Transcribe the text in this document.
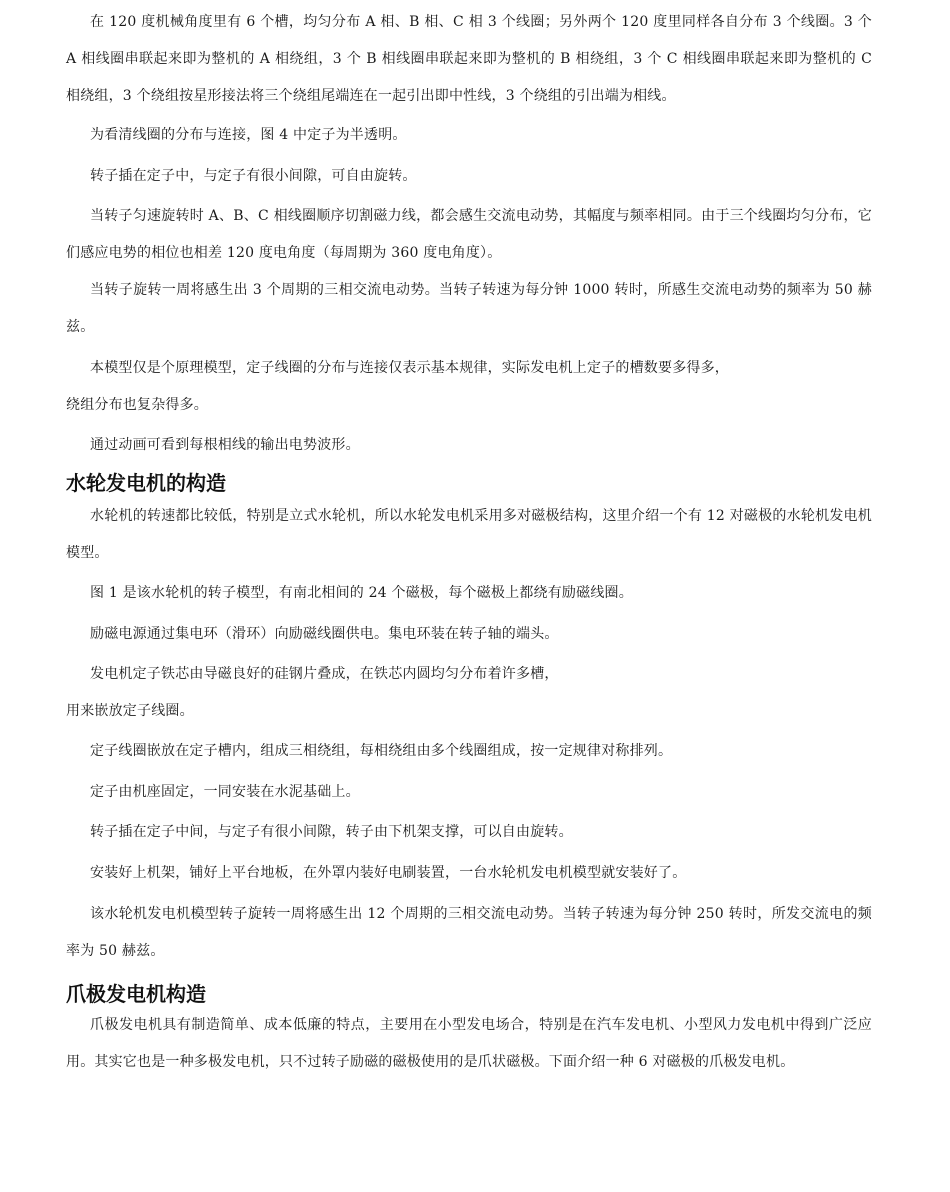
在 120 度机械角度里有 6 个槽，均匀分布 A 相、B 相、C 相 3 个线圈；另外两个 120 度里同样各自分布 3 个线圈。3 个 A 相线圈串联起来即为整机的 A 相绕组，3 个 B 相线圈串联起来即为整机的 B 相绕组，3 个 C 相线圈串联起来即为整机的 C 相绕组，3 个绕组按星形接法将三个绕组尾端连在一起引出即中性线，3 个绕组的引出端为相线。

为看清线圈的分布与连接，图 4 中定子为半透明。

转子插在定子中，与定子有很小间隙，可自由旋转。

当转子匀速旋转时 A、B、C 相线圈顺序切割磁力线，都会感生交流电动势，其幅度与频率相同。由于三个线圈均匀分布，它们感应电势的相位也相差 120 度电角度（每周期为 360 度电角度）。

当转子旋转一周将感生出 3 个周期的三相交流电动势。当转子转速为每分钟 1000 转时，所感生交流电动势的频率为 50 赫兹。

本模型仅是个原理模型，定子线圈的分布与连接仅表示基本规律，实际发电机上定子的槽数要多得多，

绕组分布也复杂得多。

通过动画可看到每根相线的输出电势波形。

水轮发电机的构造

水轮机的转速都比较低，特别是立式水轮机，所以水轮发电机采用多对磁极结构，这里介绍一个有 12 对磁极的水轮机发电机模型。

图 1 是该水轮机的转子模型，有南北相间的 24 个磁极，每个磁极上都绕有励磁线圈。

励磁电源通过集电环（滑环）向励磁线圈供电。集电环装在转子轴的端头。

发电机定子铁芯由导磁良好的硅钢片叠成，在铁芯内圆均匀分布着许多槽，

用来嵌放定子线圈。

定子线圈嵌放在定子槽内，组成三相绕组，每相绕组由多个线圈组成，按一定规律对称排列。

定子由机座固定，一同安装在水泥基础上。

转子插在定子中间，与定子有很小间隙，转子由下机架支撑，可以自由旋转。

安装好上机架，铺好上平台地板，在外罩内装好电刷装置，一台水轮机发电机模型就安装好了。

该水轮机发电机模型转子旋转一周将感生出 12 个周期的三相交流电动势。当转子转速为每分钟 250 转时，所发交流电的频率为 50 赫兹。

爪极发电机构造

爪极发电机具有制造简单、成本低廉的特点，主要用在小型发电场合，特别是在汽车发电机、小型风力发电机中得到广泛应用。其实它也是一种多极发电机，只不过转子励磁的磁极使用的是爪状磁极。下面介绍一种 6 对磁极的爪极发电机。
